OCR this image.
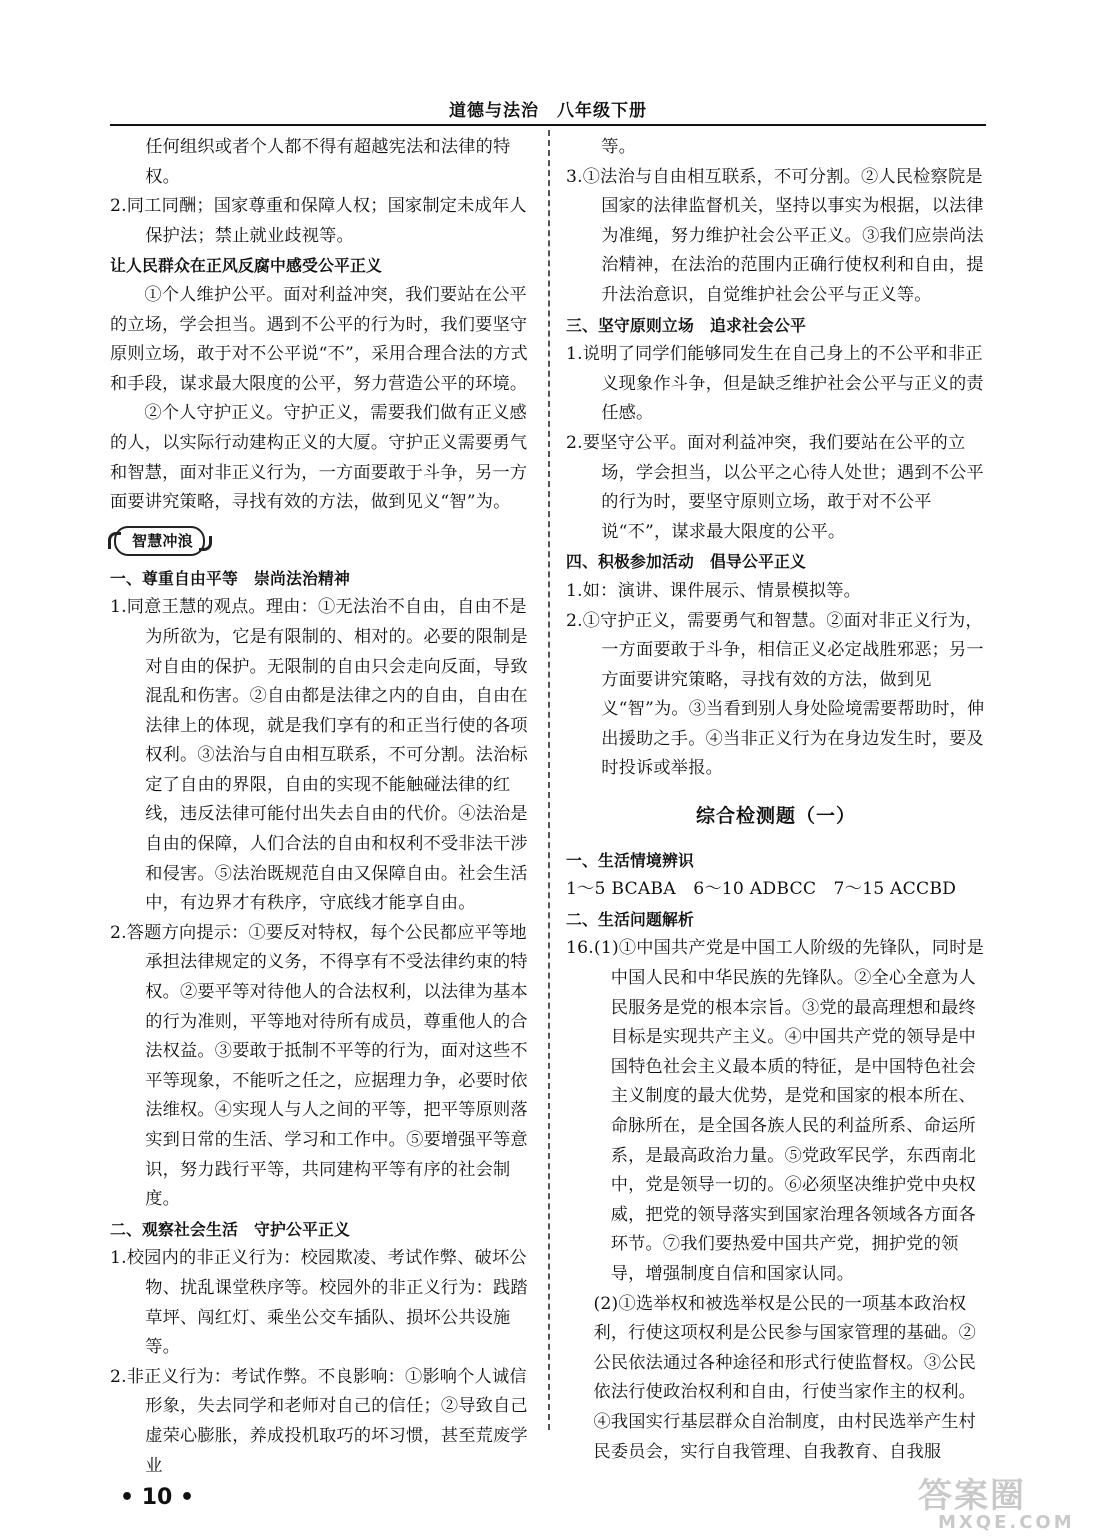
道德与法治　八年级下册

任何组织或者个人都不得有超越宪法和法律的特权。

2.同工同酬；国家尊重和保障人权；国家制定未成年人保护法；禁止就业歧视等。

让人民群众在正风反腐中感受公平正义

①个人维护公平。面对利益冲突，我们要站在公平的立场，学会担当。遇到不公平的行为时，我们要坚守原则立场，敢于对不公平说“不”，采用合理合法的方式和手段，谋求最大限度的公平，努力营造公平的环境。

②个人守护正义。守护正义，需要我们做有正义感的人，以实际行动建构正义的大厦。守护正义需要勇气和智慧，面对非正义行为，一方面要敢于斗争，另一方面要讲究策略，寻找有效的方法，做到见义“智”为。

智慧冲浪

一、尊重自由平等　崇尚法治精神

1.同意王慧的观点。理由：①无法治不自由，自由不是为所欲为，它是有限制的、相对的。必要的限制是对自由的保护。无限制的自由只会走向反面，导致混乱和伤害。②自由都是法律之内的自由，自由在法律上的体现，就是我们享有的和正当行使的各项权利。③法治与自由相互联系，不可分割。法治标定了自由的界限，自由的实现不能触碰法律的红线，违反法律可能付出失去自由的代价。④法治是自由的保障，人们合法的自由和权利不受非法干涉和侵害。⑤法治既规范自由又保障自由。社会生活中，有边界才有秩序，守底线才能享自由。

2.答题方向提示：①要反对特权，每个公民都应平等地承担法律规定的义务，不得享有不受法律约束的特权。②要平等对待他人的合法权利，以法律为基本的行为准则，平等地对待所有成员，尊重他人的合法权益。③要敢于抵制不平等的行为，面对这些不平等现象，不能听之任之，应据理力争，必要时依法维权。④实现人与人之间的平等，把平等原则落实到日常的生活、学习和工作中。⑤要增强平等意识，努力践行平等，共同建构平等有序的社会制度。

二、观察社会生活　守护公平正义

1.校园内的非正义行为：校园欺凌、考试作弊、破坏公物、扰乱课堂秩序等。校园外的非正义行为：践踏草坪、闯红灯、乘坐公交车插队、损坏公共设施等。

2.非正义行为：考试作弊。不良影响：①影响个人诚信形象，失去同学和老师对自己的信任；②导致自己虚荣心膨胀，养成投机取巧的坏习惯，甚至荒废学业

等。

3.①法治与自由相互联系，不可分割。②人民检察院是国家的法律监督机关，坚持以事实为根据，以法律为准绳，努力维护社会公平正义。③我们应崇尚法治精神，在法治的范围内正确行使权利和自由，提升法治意识，自觉维护社会公平与正义等。

三、坚守原则立场　追求社会公平

1.说明了同学们能够同发生在自己身上的不公平和非正义现象作斗争，但是缺乏维护社会公平与正义的责任感。

2.要坚守公平。面对利益冲突，我们要站在公平的立场，学会担当，以公平之心待人处世；遇到不公平的行为时，要坚守原则立场，敢于对不公平说“不”，谋求最大限度的公平。

四、积极参加活动　倡导公平正义

1.如：演讲、课件展示、情景模拟等。

2.①守护正义，需要勇气和智慧。②面对非正义行为，一方面要敢于斗争，相信正义必定战胜邪恶；另一方面要讲究策略，寻找有效的方法，做到见义“智”为。③当看到别人身处险境需要帮助时，伸出援助之手。④当非正义行为在身边发生时，要及时投诉或举报。

综合检测题（一）

一、生活情境辨识

1～5 BCABA　6～10 ADBCC　7～15 ACCBD

二、生活问题解析

16.(1)①中国共产党是中国工人阶级的先锋队，同时是中国人民和中华民族的先锋队。②全心全意为人民服务是党的根本宗旨。③党的最高理想和最终目标是实现共产主义。④中国共产党的领导是中国特色社会主义最本质的特征，是中国特色社会主义制度的最大优势，是党和国家的根本所在、命脉所在，是全国各族人民的利益所系、命运所系，是最高政治力量。⑤党政军民学，东西南北中，党是领导一切的。⑥必须坚决维护党中央权威，把党的领导落实到国家治理各领域各方面各环节。⑦我们要热爱中国共产党，拥护党的领导，增强制度自信和国家认同。

(2)①选举权和被选举权是公民的一项基本政治权利，行使这项权利是公民参与国家管理的基础。②公民依法通过各种途径和形式行使监督权。③公民依法行使政治权利和自由，行使当家作主的权利。④我国实行基层群众自治制度，由村民选举产生村民委员会，实行自我管理、自我教育、自我服

• 10 •	答案圈
MXQE.COM
